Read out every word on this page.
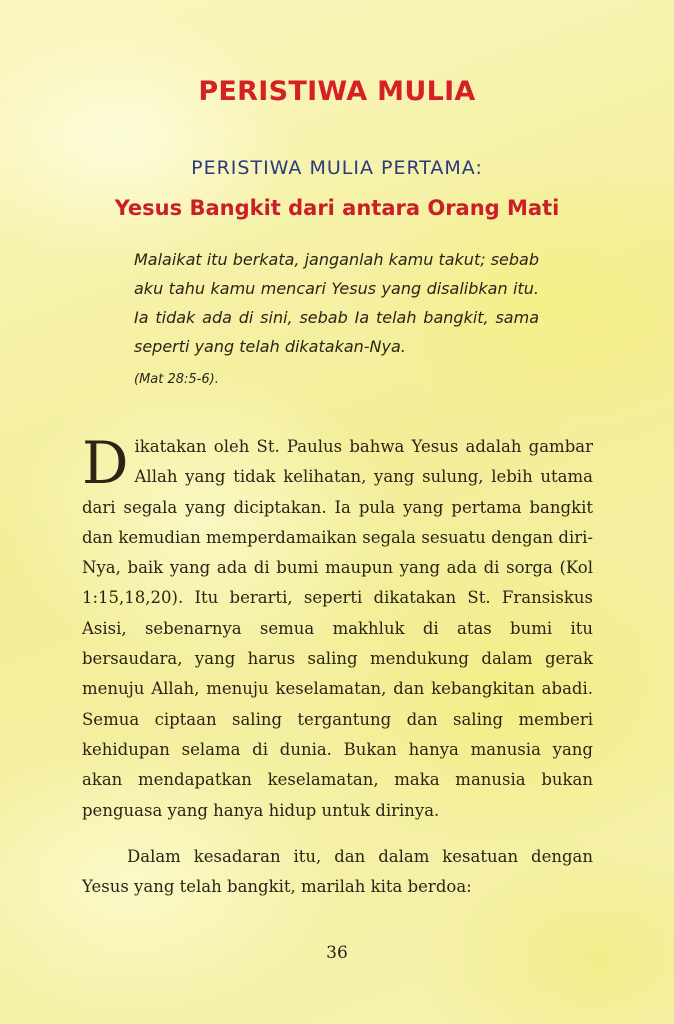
PERISTIWA MULIA
PERISTIWA MULIA PERTAMA:
Yesus Bangkit dari antara Orang Mati
Malaikat itu berkata, janganlah kamu takut; sebab aku tahu kamu mencari Yesus yang disalibkan itu. Ia tidak ada di sini, sebab Ia telah bangkit, sama seperti yang telah dikatakan-Nya.
(Mat 28:5-6).
Dikatakan oleh St. Paulus bahwa Yesus adalah gambar Allah yang tidak kelihatan, yang sulung, lebih utama dari segala yang diciptakan. Ia pula yang pertama bangkit dan kemudian memperdamaikan segala sesuatu dengan diri-Nya, baik yang ada di bumi maupun yang ada di sorga (Kol 1:15,18,20). Itu berarti, seperti dikatakan St. Fransiskus Asisi, sebenarnya semua makhluk di atas bumi itu bersaudara, yang harus saling mendukung dalam gerak menuju Allah, menuju keselamatan, dan kebangkitan abadi. Semua ciptaan saling tergantung dan saling memberi kehidupan selama di dunia. Bukan hanya manusia yang akan mendapatkan keselamatan, maka manusia bukan penguasa yang hanya hidup untuk dirinya.
Dalam kesadaran itu, dan dalam kesatuan dengan Yesus yang telah bangkit, marilah kita berdoa:
36
